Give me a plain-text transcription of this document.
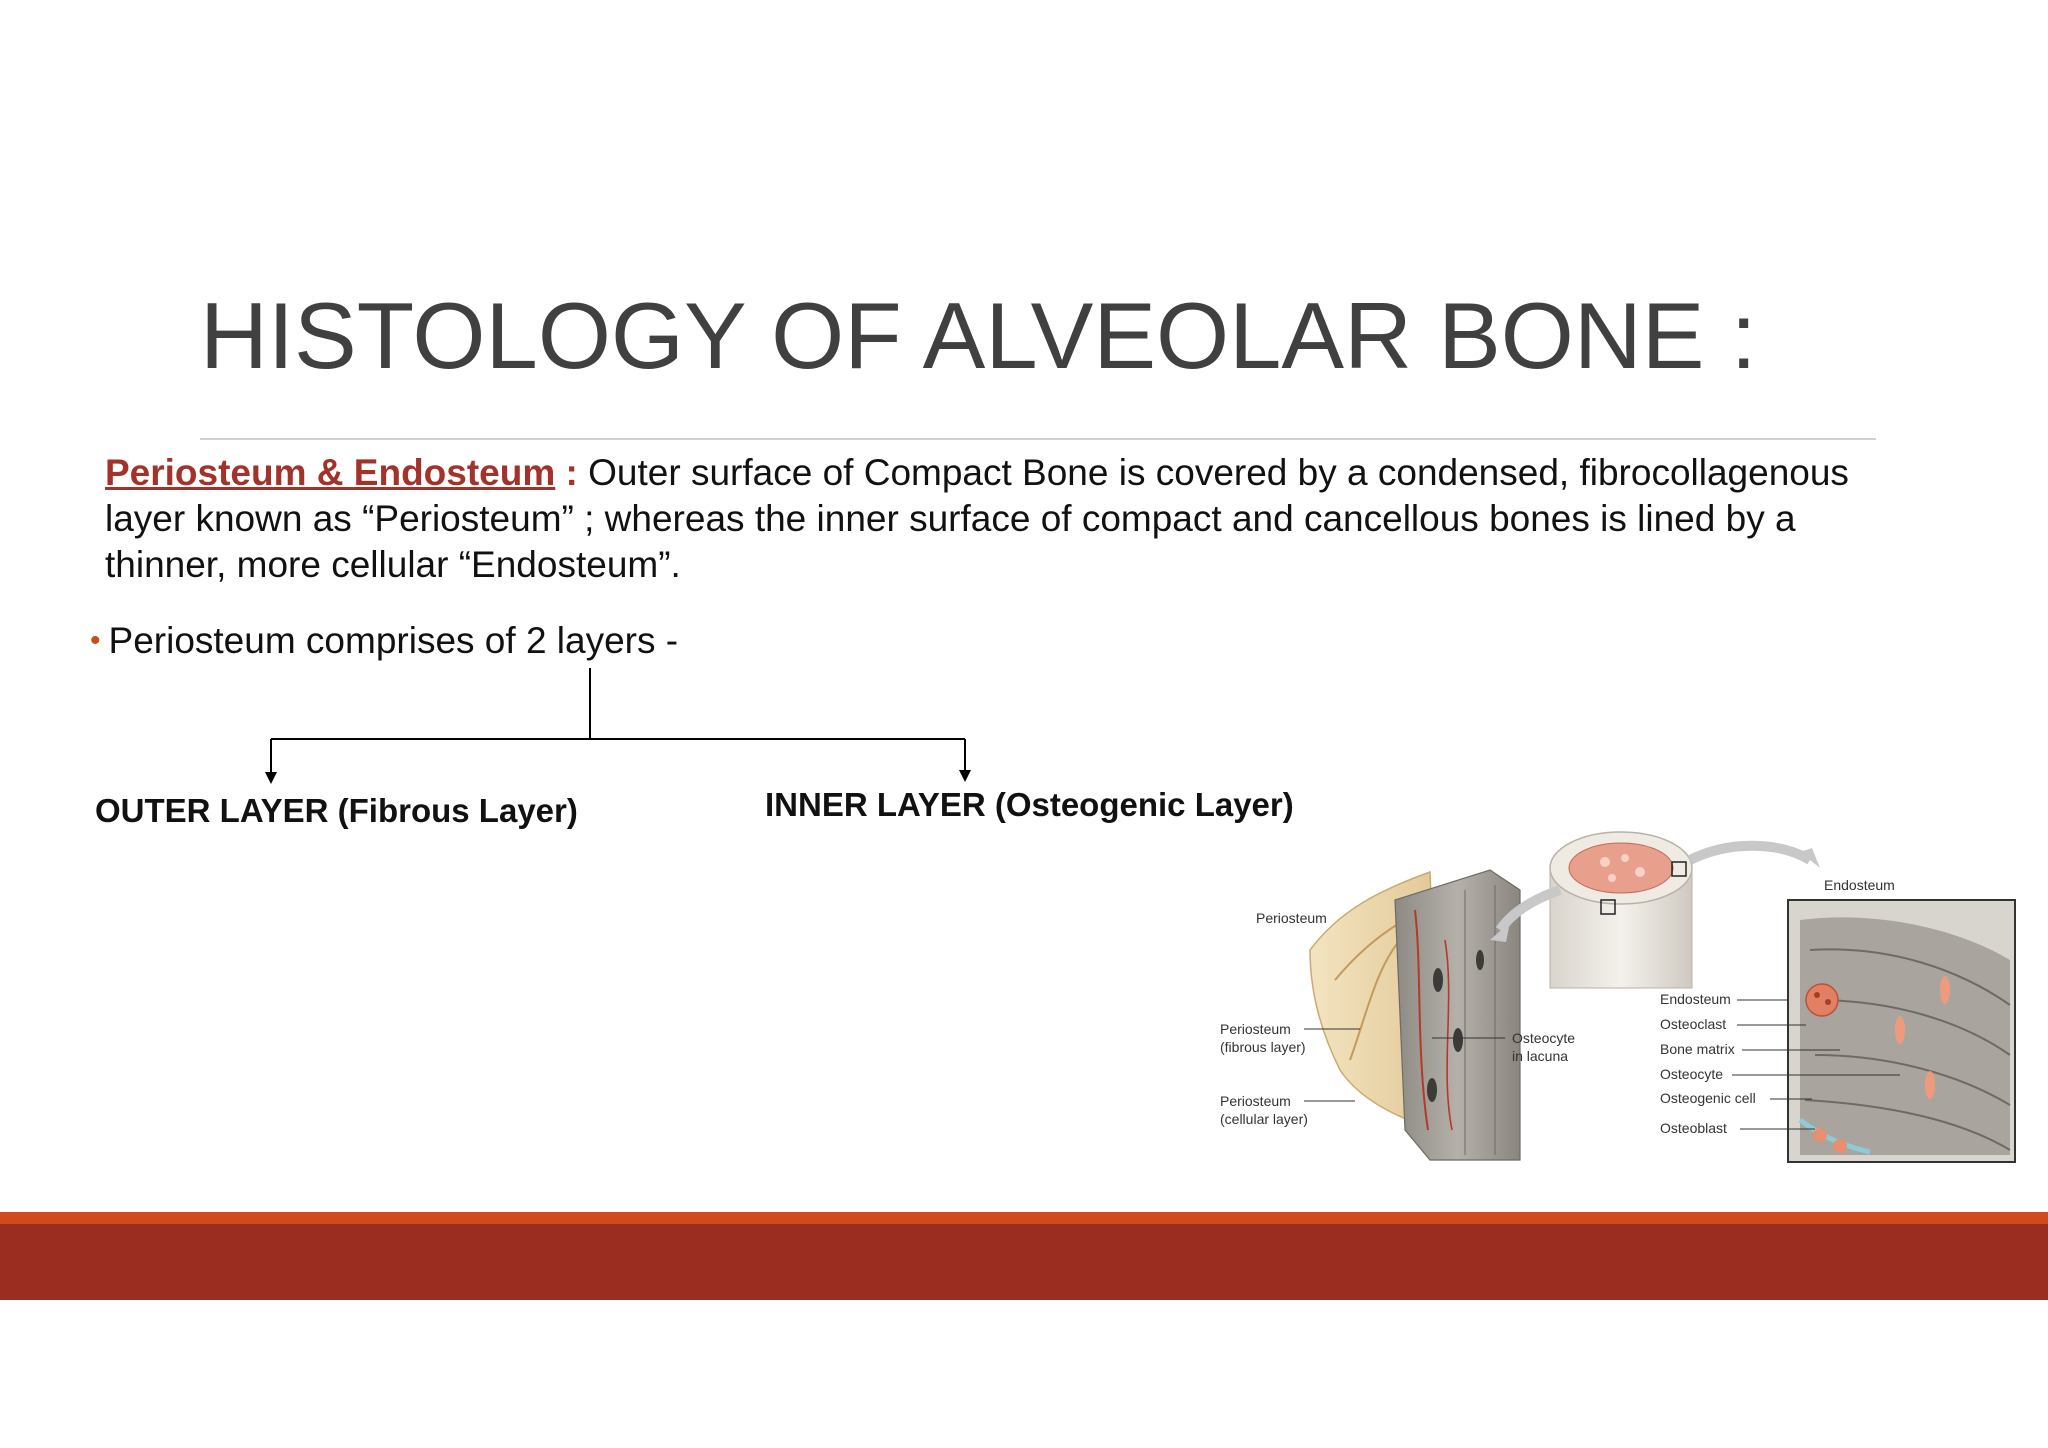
HISTOLOGY OF ALVEOLAR BONE :

Periosteum & Endosteum : Outer surface of Compact Bone is covered by a condensed, fibrocollagenous layer known as “Periosteum” ; whereas the inner surface of compact and cancellous bones is lined by a thinner, more cellular “Endosteum”.

• Periosteum comprises of 2 layers -
OUTER LAYER (Fibrous Layer)	INNER LAYER (Osteogenic Layer)
Periosteum
Periosteum
(fibrous layer)
Periosteum
(cellular layer)
Osteocyte
in lacuna
Endosteum
Endosteum
Osteoclast
Bone matrix
Osteocyte
Osteogenic cell
Osteoblast
